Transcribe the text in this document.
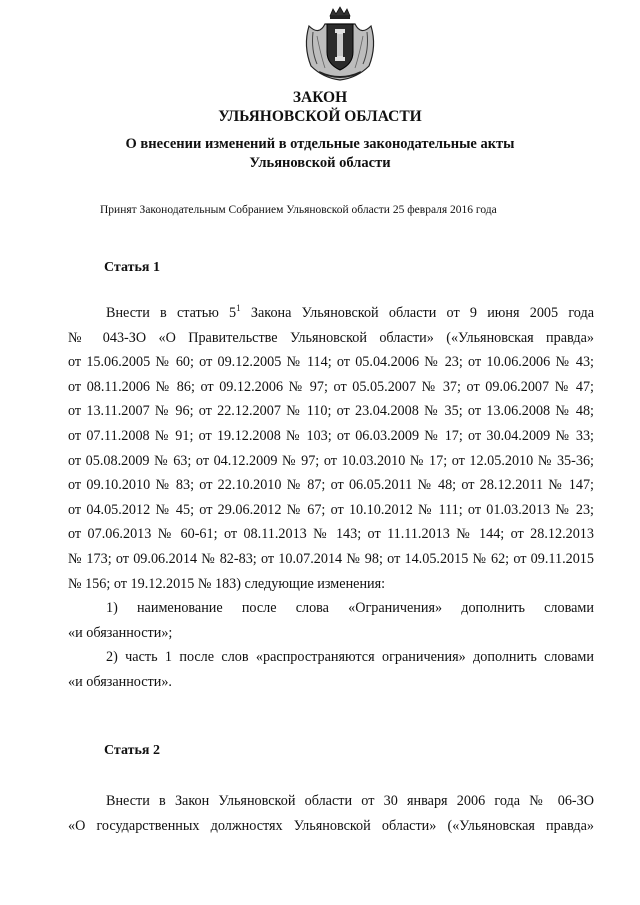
ЗАКОН
УЛЬЯНОВСКОЙ ОБЛАСТИ
О внесении изменений в отдельные законодательные акты
Ульяновской области
Принят Законодательным Собранием Ульяновской области 25 февраля 2016 года
Статья 1
Внести в статью $5^1$ Закона Ульяновской области от 9 июня 2005 года
№ 043-ЗО «О Правительстве Ульяновской области» («Ульяновская правда»
от 15.06.2005 № 60; от 09.12.2005 № 114; от 05.04.2006 № 23; от 10.06.2006 № 43;
от 08.11.2006 № 86; от 09.12.2006 № 97; от 05.05.2007 № 37; от 09.06.2007 № 47;
от 13.11.2007 № 96; от 22.12.2007 № 110; от 23.04.2008 № 35; от 13.06.2008 № 48;
от 07.11.2008 № 91; от 19.12.2008 № 103; от 06.03.2009 № 17; от 30.04.2009 № 33;
от 05.08.2009 № 63; от 04.12.2009 № 97; от 10.03.2010 № 17; от 12.05.2010 № 35-36;
от 09.10.2010 № 83; от 22.10.2010 № 87; от 06.05.2011 № 48; от 28.12.2011 № 147;
от 04.05.2012 № 45; от 29.06.2012 № 67; от 10.10.2012 № 111; от 01.03.2013 № 23;
от 07.06.2013 № 60-61; от 08.11.2013 № 143; от 11.11.2013 № 144; от 28.12.2013
№ 173; от 09.06.2014 № 82-83; от 10.07.2014 № 98; от 14.05.2015 № 62; от 09.11.2015
№ 156; от 19.12.2015 № 183) следующие изменения:
1) наименование после слова «Ограничения» дополнить словами
«и обязанности»;
2) часть 1 после слов «распространяются ограничения» дополнить словами
«и обязанности».
Статья 2
Внести в Закон Ульяновской области от 30 января 2006 года № 06-ЗО
«О государственных должностях Ульяновской области» («Ульяновская правда»
